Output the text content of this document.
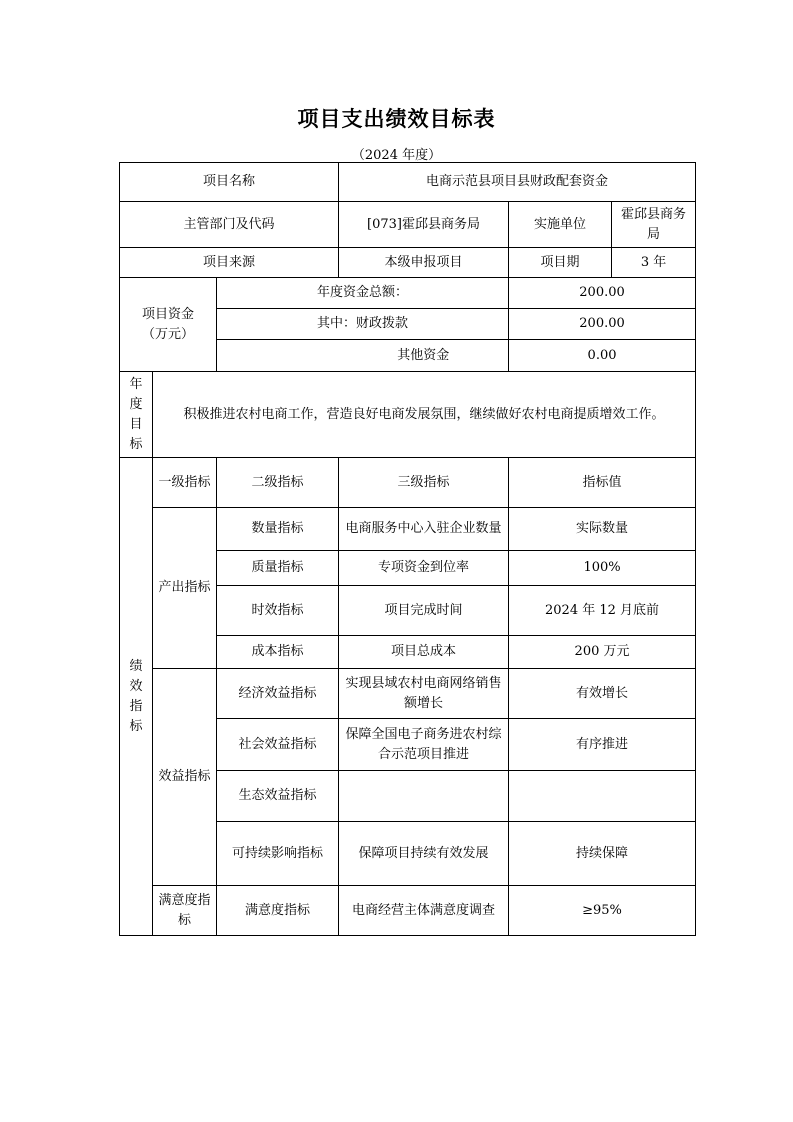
项目支出绩效目标表
（2024 年度）
项目名称			电商示范县项目县财政配套资金		
主管部门及代码			[073]霍邱县商务局	实施单位	霍邱县商务局
项目来源			本级申报项目	项目期	3 年

项目资金
（万元）		年度资金总额：		200.00	
		其中：财政拨款		200.00	
			其他资金	0.00	

年
度
目
标	积极推进农村电商工作，营造良好电商发展氛围，继续做好农村电商提质增效工作。				

绩
效
指
标	一级指标	二级指标	三级指标	指标值	
	产出指标	数量指标	电商服务中心入驻企业数量	实际数量	
		质量指标	专项资金到位率	100%	
		时效指标	项目完成时间	2024 年 12 月底前	
		成本指标	项目总成本	200 万元	
	效益指标	经济效益指标	实现县域农村电商网络销售额增长	有效增长	
		社会效益指标	保障全国电子商务进农村综合示范项目推进	有序推进	
		生态效益指标			
		可持续影响指标	保障项目持续有效发展	持续保障	
	满意度指标	满意度指标	电商经营主体满意度调查	≥95%	
